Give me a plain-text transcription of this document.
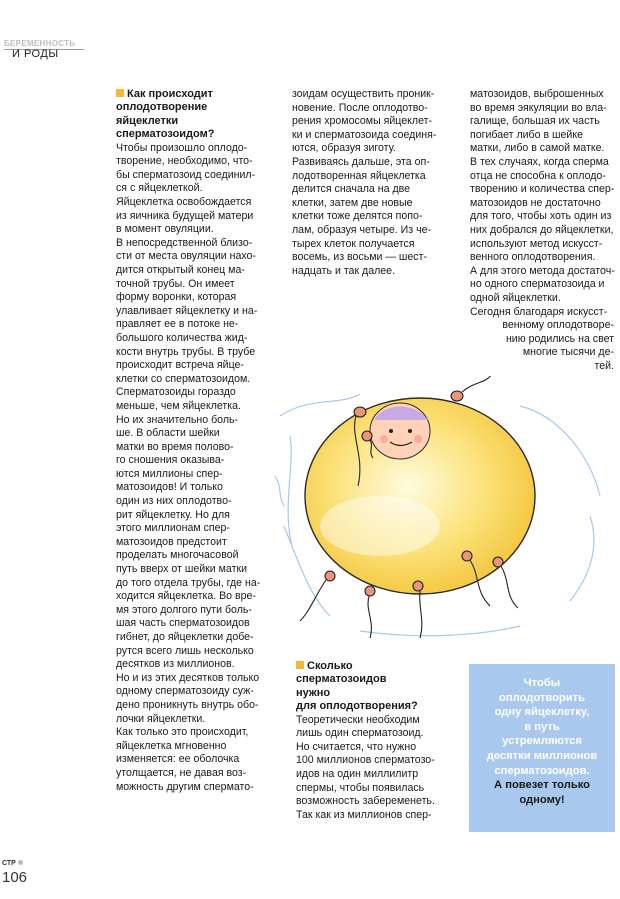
БЕРЕМЕННОСТЬ
И РОДЫ
Как происходит
оплодотворение
яйцеклетки
сперматозоидом?
Чтобы произошло оплодо-
творение, необходимо, что-
бы сперматозоид соединил-
ся с яйцеклеткой.
Яйцеклетка освобождается
из яичника будущей матери
в момент овуляции.
В непосредственной близо-
сти от места овуляции нахо-
дится открытый конец ма-
точной трубы. Он имеет
форму воронки, которая
улавливает яйцеклетку и на-
правляет ее в потоке не-
большого количества жид-
кости внутрь трубы. В трубе
происходит встреча яйце-
клетки со сперматозоидом.
Сперматозоиды гораздо
меньше, чем яйцеклетка.
Но их значительно боль-
ше. В области шейки
матки во время полово-
го сношения оказыва-
ются миллионы спер-
матозоидов! И только
один из них оплодотво-
рит яйцеклетку. Но для
этого миллионам спер-
матозоидов предстоит
проделать многочасовой
путь вверх от шейки матки
до того отдела трубы, где на-
ходится яйцеклетка. Во вре-
мя этого долгого пути боль-
шая часть сперматозоидов
гибнет, до яйцеклетки добе-
рутся всего лишь несколько
десятков из миллионов.
Но и из этих десятков только
одному сперматозоиду суж-
дено проникнуть внутрь обо-
лочки яйцеклетки.
Как только это происходит,
яйцеклетка мгновенно
изменяется: ее оболочка
утолщается, не давая воз-
можность другим спермато-
зоидам осуществить проник-
новение. После оплодотво-
рения хромосомы яйцеклет-
ки и сперматозоида соединя-
ются, образуя зиготу.
Развиваясь дальше, эта оп-
лодотворенная яйцеклетка
делится сначала на две
клетки, затем две новые
клетки тоже делятся попо-
лам, образуя четыре. Из че-
тырех клеток получается
восемь, из восьми — шест-
надцать и так далее.
Сколько
сперматозоидов
нужно
для оплодотворения?
Теоретически необходим
лишь один сперматозоид.
Но считается, что нужно
100 миллионов сперматозо-
идов на один миллилитр
спермы, чтобы появилась
возможность забеременеть.
Так как из миллионов спер-
матозоидов, выброшенных
во время эякуляции во вла-
галище, большая их часть
погибает либо в шейке
матки, либо в самой матке.
В тех случаях, когда сперма
отца не способна к оплодо-
творению и количества спер-
матозоидов не достаточно
для того, чтобы хоть один из
них добрался до яйцеклетки,
используют метод искусст-
венного оплодотворения.
А для этого метода достаточ-
но одного сперматозоида и
одной яйцеклетки.
Сегодня благодаря искусст-
венному оплодотворе-
нию родились на свет
многие тысячи де-
тей.
Чтобы
оплодотворить
одну яйцеклетку,
в путь
устремляются
десятки миллионов
сперматозоидов.
А повезет только
одному!
СТР
106
